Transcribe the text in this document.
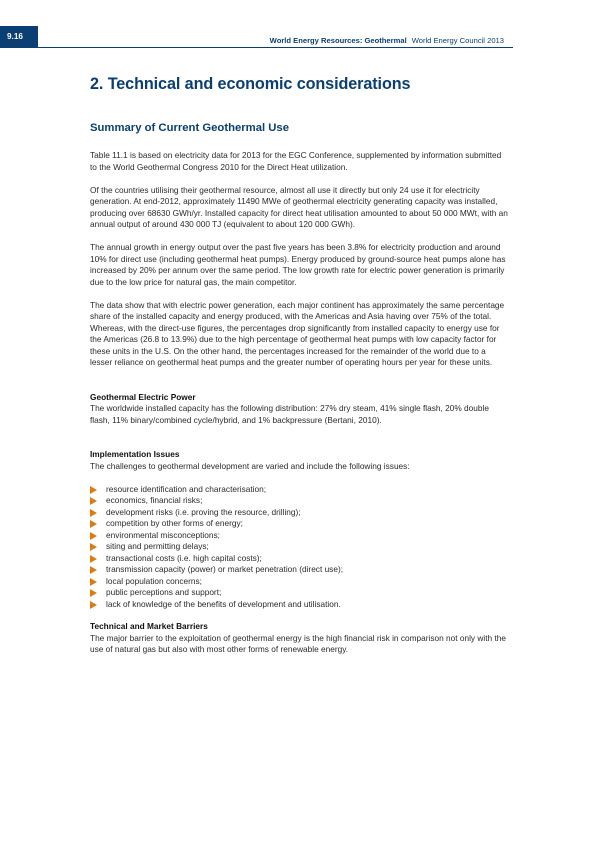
9.16	World Energy Resources: Geothermal World Energy Council 2013
2. Technical and economic considerations
Summary of Current Geothermal Use

Table 11.1 is based on electricity data for 2013 for the EGC Conference, supplemented by information submitted to the World Geothermal Congress 2010 for the Direct Heat utilization.

Of the countries utilising their geothermal resource, almost all use it directly but only 24 use it for electricity generation. At end-2012, approximately 11490 MWe of geothermal electricity generating capacity was installed, producing over 68630 GWh/yr. Installed capacity for direct heat utilisation amounted to about 50 000 MWt, with an annual output of around 430 000 TJ (equivalent to about 120 000 GWh).

The annual growth in energy output over the past five years has been 3.8% for electricity production and around 10% for direct use (including geothermal heat pumps). Energy produced by ground-source heat pumps alone has increased by 20% per annum over the same period. The low growth rate for electric power generation is primarily due to the low price for natural gas, the main competitor.

The data show that with electric power generation, each major continent has approximately the same percentage share of the installed capacity and energy produced, with the Americas and Asia having over 75% of the total. Whereas, with the direct-use figures, the percentages drop significantly from installed capacity to energy use for the Americas (26.8 to 13.9%) due to the high percentage of geothermal heat pumps with low capacity factor for these units in the U.S. On the other hand, the percentages increased for the remainder of the world due to a lesser reliance on geothermal heat pumps and the greater number of operating hours per year for these units.

Geothermal Electric Power

The worldwide installed capacity has the following distribution: 27% dry steam, 41% single flash, 20% double flash, 11% binary/combined cycle/hybrid, and 1% backpressure (Bertani, 2010).

Implementation Issues

The challenges to geothermal development are varied and include the following issues:

resource identification and characterisation;
economics, financial risks;
development risks (i.e. proving the resource, drilling);
competition by other forms of energy;
environmental misconceptions;
siting and permitting delays;
transactional costs (i.e. high capital costs);
transmission capacity (power) or market penetration (direct use);
local population concerns;
public perceptions and support;
lack of knowledge of the benefits of development and utilisation.
Technical and Market Barriers

The major barrier to the exploitation of geothermal energy is the high financial risk in comparison not only with the use of natural gas but also with most other forms of renewable energy.
